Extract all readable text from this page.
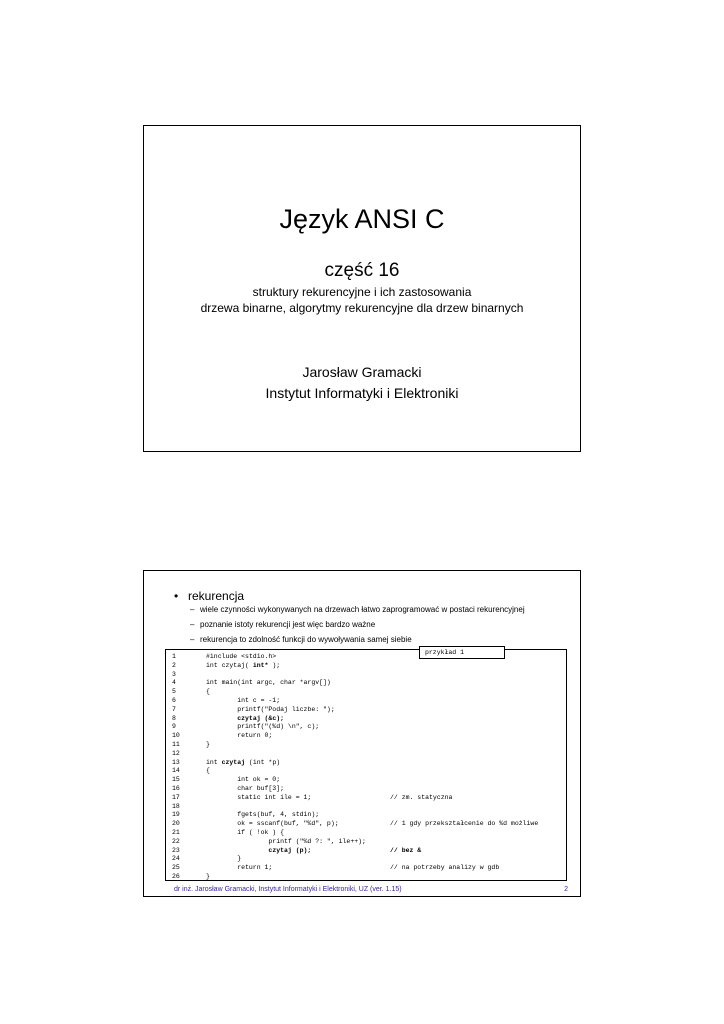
Język ANSI C
część 16
struktury rekurencyjne i ich zastosowania
drzewa binarne, algorytmy rekurencyjne dla drzew binarnych
Jarosław Gramacki
Instytut Informatyki i Elektroniki
• rekurencja
– wiele czynności wykonywanych na drzewach łatwo zaprogramować w postaci rekurencyjnej
– poznanie istoty rekurencji jest więc bardzo ważne
– rekurencja to zdolność funkcji do wywoływania samej siebie
1	#include <stdio.h>
2	int czytaj( int* );
3
4	int main(int argc, char *argv[])
5	{
6	int c = -1;
7	printf("Podaj liczbe: ");
8	czytaj (&c);
9	printf("(%d) \n", c);
10	return 0;
11	}
12
13	int czytaj (int *p)
14	{
15	int ok = 0;
16	char buf[3];
17	static int ile = 1;	// zm. statyczna
18
19	fgets(buf, 4, stdin);
20	ok = sscanf(buf, "%d", p);	// 1 gdy przekształcenie do %d możliwe
21	if ( !ok ) {
22	printf ("%d ?: ", ile++);
23	czytaj (p);	// bez &
24	}
25	return 1;	// na potrzeby analizy w gdb
26	}
przykład 1
dr inż. Jarosław Gramacki, Instytut Informatyki i Elektroniki, UZ (ver. 1.15)	2
